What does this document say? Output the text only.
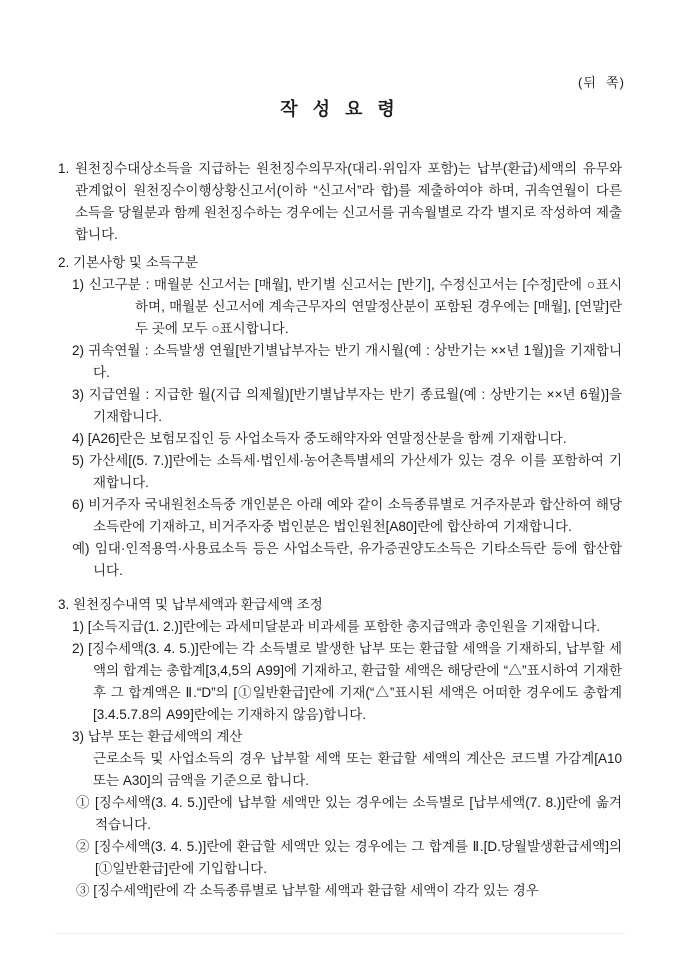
(뒤  쪽)
작 성 요 령

1. 원천징수대상소득을 지급하는 원천징수의무자(대리·위임자 포함)는 납부(환급)세액의 유무와 관계없이 원천징수이행상황신고서(이하 “신고서”라 합)를 제출하여야 하며, 귀속연월이 다른 소득을 당월분과 함께 원천징수하는 경우에는 신고서를 귀속월별로 각각 별지로 작성하여 제출합니다.

2. 기본사항 및 소득구분

1) 신고구분 : 매월분 신고서는 [매월], 반기별 신고서는 [반기], 수정신고서는 [수정]란에 ○표시하며, 매월분 신고서에 계속근무자의 연말정산분이 포함된 경우에는 [매월], [연말]란 두 곳에 모두 ○표시합니다.

2) 귀속연월 : 소득발생 연월[반기별납부자는 반기 개시월(예 : 상반기는 ××년 1월)]을 기재합니다.

3) 지급연월 : 지급한 월(지급 의제월)[반기별납부자는 반기 종료월(예 : 상반기는 ××년 6월)]을 기재합니다.

4) [A26]란은 보험모집인 등 사업소득자 중도해약자와 연말정산분을 함께 기재합니다.

5) 가산세[(5. 7.)]란에는 소득세·법인세·농어촌특별세의 가산세가 있는 경우 이를 포함하여 기재합니다.

6) 비거주자 국내원천소득중 개인분은 아래 예와 같이 소득종류별로 거주자분과 합산하여 해당 소득란에 기재하고, 비거주자중 법인분은 법인원천[A80]란에 합산하여 기재합니다.

예) 임대·인적용역·사용료소득 등은 사업소득란, 유가증권양도소득은 기타소득란 등에 합산합니다.

3. 원천징수내역 및 납부세액과 환급세액 조정

1) [소득지급(1. 2.)]란에는 과세미달분과 비과세를 포함한 총지급액과 총인원을 기재합니다.

2) [징수세액(3. 4. 5.)]란에는 각 소득별로 발생한 납부 또는 환급할 세액을 기재하되, 납부할 세액의 합계는 총합계[3,4,5의 A99]에 기재하고, 환급할 세액은 해당란에 “△”표시하여 기재한 후 그 합계액은 Ⅱ.“D”의 [①일반환급]란에 기재(“△”표시된 세액은 어떠한 경우에도 총합계[3.4.5.7.8의 A99]란에는 기재하지 않음)합니다.

3) 납부 또는 환급세액의 계산

근로소득 및 사업소득의 경우 납부할 세액 또는 환급할 세액의 계산은 코드별 가감계[A10 또는 A30]의 금액을 기준으로 합니다.

① [징수세액(3. 4. 5.)]란에 납부할 세액만 있는 경우에는 소득별로 [납부세액(7. 8.)]란에 옮겨 적습니다.

② [징수세액(3. 4. 5.)]란에 환급할 세액만 있는 경우에는 그 합계를 Ⅱ.[D.당월발생환급세액]의 [①일반환급]란에 기입합니다.

③ [징수세액]란에 각 소득종류별로 납부할 세액과 환급할 세액이 각각 있는 경우
